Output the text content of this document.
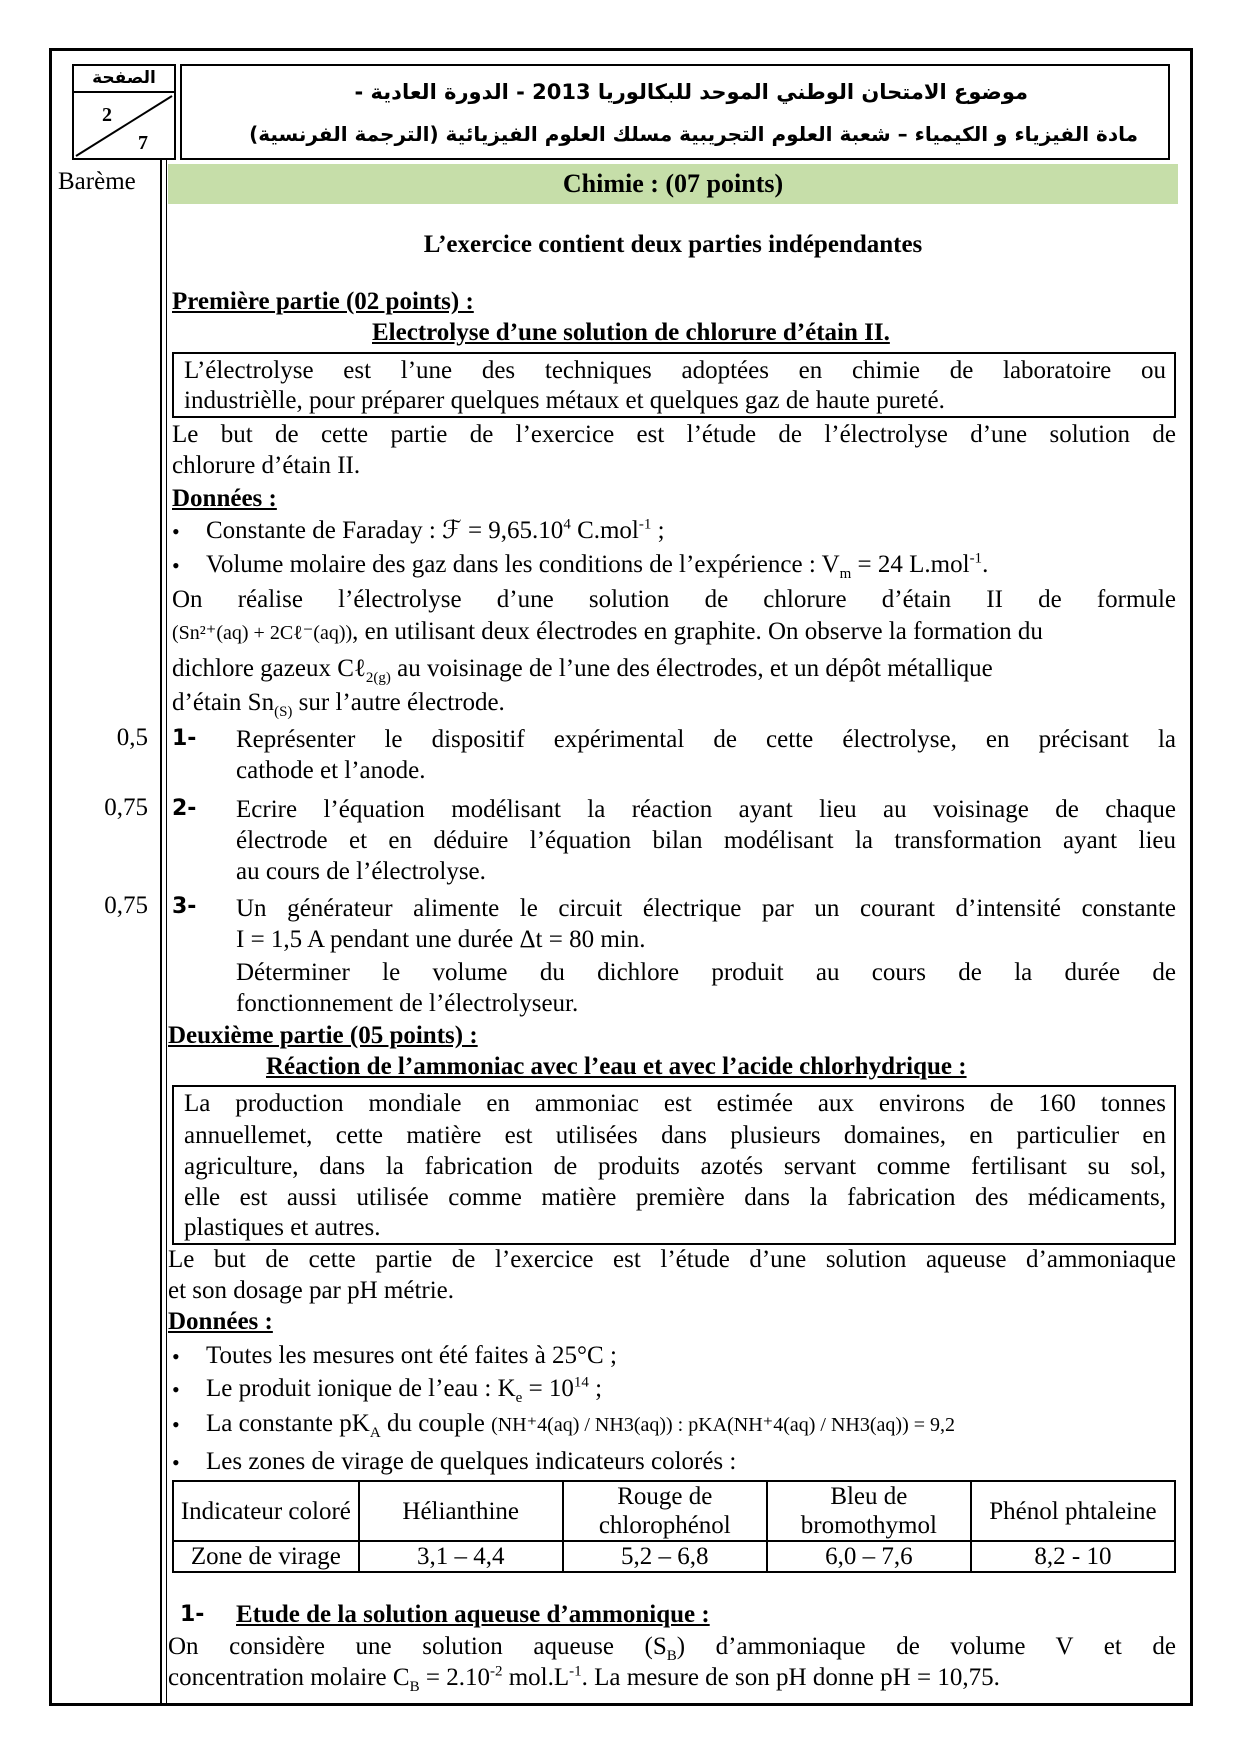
الصفحة
2
7
موضوع الامتحان الوطني الموحد للبكالوريا 2013 - الدورة العادية -
مادة الفيزياء و الكيمياء – شعبة العلوم التجريبية مسلك العلوم الفيزيائية (الترجمة الفرنسية)
Barème	Chimie : (07 points)
L’exercice contient deux parties indépendantes
Première partie (02 points) :
Electrolyse d’une solution de chlorure d’étain II.
L’électrolyse est l’une des techniques adoptées en chimie de laboratoire ou
industrièlle, pour préparer quelques métaux et quelques gaz de haute pureté.
Le but de cette partie de l’exercice est l’étude de l’électrolyse d’une solution de
chlorure d’étain II.
Données :
• Constante de Faraday : ℱ = $9,65.10^4$ C.mol$^{-1}$ ;
• Volume molaire des gaz dans les conditions de l’expérience : $V_m = 24$ L.mol$^{-1}$.
On réalise l’électrolyse d’une solution de chlorure d’étain II de formule
(Sn²⁺(aq) + 2Cℓ⁻(aq)), en utilisant deux électrodes en graphite. On observe la formation du
dichlore gazeux Cℓ$_{2(g)}$ au voisinage de l’une des électrodes, et un dépôt métallique
d’étain $Sn_{(S)}$ sur l’autre électrode.
0,5 1- Représenter le dispositif expérimental de cette électrolyse, en précisant la
cathode et l’anode.
0,75 2- Ecrire l’équation modélisant la réaction ayant lieu au voisinage de chaque
électrode et en déduire l’équation bilan modélisant la transformation ayant lieu
au cours de l’électrolyse.
0,75 3- Un générateur alimente le circuit électrique par un courant d’intensité constante
I = 1,5 A pendant une durée Δt = 80 min.
Déterminer le volume du dichlore produit au cours de la durée de
fonctionnement de l’électrolyseur.
Deuxième partie (05 points) :
Réaction de l’ammoniac avec l’eau et avec l’acide chlorhydrique :
La production mondiale en ammoniac est estimée aux environs de 160 tonnes
annuellemet, cette matière est utilisées dans plusieurs domaines, en particulier en
agriculture, dans la fabrication de produits azotés servant comme fertilisant su sol,
elle est aussi utilisée comme matière première dans la fabrication des médicaments,
plastiques et autres.
Le but de cette partie de l’exercice est l’étude d’une solution aqueuse d’ammoniaque
et son dosage par pH métrie.
Données :
• Toutes les mesures ont été faites à 25°C ;
• Le produit ionique de l’eau : $K_e = 10^{14}$ ;
• La constante $pK_A$ du couple (NH⁺4(aq) / NH3(aq)) : pKA(NH⁺4(aq) / NH3(aq)) = 9,2
• Les zones de virage de quelques indicateurs colorés :
Indicateur coloré	Hélianthine	Rouge de chlorophénol	Bleu de bromothymol	Phénol phtaleine
Zone de virage	3,1 – 4,4	5,2 – 6,8	6,0 – 7,6	8,2 - 10
1- Etude de la solution aqueuse d’ammonique :
On considère une solution aqueuse $(S_B)$ d’ammoniaque de volume V et de
concentration molaire $C_B = 2.10^{-2}$ $mol.L^{-1}$. La mesure de son pH donne pH = 10,75.
